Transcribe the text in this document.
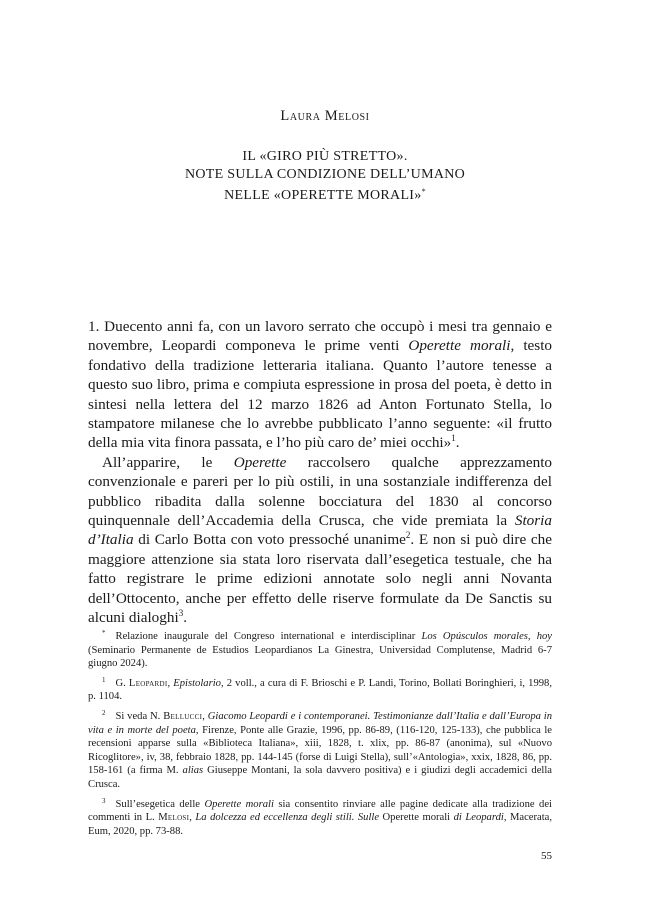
Laura Melosi
IL «GIRO PIÙ STRETTO».
NOTE SULLA CONDIZIONE DELL’UMANO
NELLE «OPERETTE MORALI»*

1. Duecento anni fa, con un lavoro serrato che occupò i mesi tra gennaio e novembre, Leopardi componeva le prime venti Operette morali, testo fondativo della tradizione letteraria italiana. Quanto l’autore tenesse a questo suo libro, prima e compiuta espressione in prosa del poeta, è detto in sintesi nella lettera del 12 marzo 1826 ad Anton Fortunato Stella, lo stampatore milanese che lo avrebbe pubblicato l’anno seguente: «il frutto della mia vita finora passata, e l’ho più caro de’ miei occhi»$^1$.

All’apparire, le Operette raccolsero qualche apprezzamento convenzionale e pareri per lo più ostili, in una sostanziale indifferenza del pubblico ribadita dalla solenne bocciatura del 1830 al concorso quinquennale dell’Accademia della Crusca, che vide premiata la Storia d’Italia di Carlo Botta con voto pressoché unanime$^2$. E non si può dire che maggiore attenzione sia stata loro riservata dall’esegetica testuale, che ha fatto registrare le prime edizioni annotate solo negli anni Novanta dell’Ottocento, anche per effetto delle riserve formulate da De Sanctis su alcuni dialoghi$^3$.

* Relazione inaugurale del Congreso international e interdisciplinar Los Opúsculos morales, hoy (Seminario Permanente de Estudios Leopardianos La Ginestra, Universidad Complutense, Madrid 6-7 giugno 2024).

$^1$ G. Leopardi, Epistolario, 2 voll., a cura di F. Brioschi e P. Landi, Torino, Bollati Boringhieri, i, 1998, p. 1104.

$^2$ Si veda N. Bellucci, Giacomo Leopardi e i contemporanei. Testimonianze dall’Italia e dall’Europa in vita e in morte del poeta, Firenze, Ponte alle Grazie, 1996, pp. 86-89, (116-120, 125-133), che pubblica le recensioni apparse sulla «Biblioteca Italiana», xiii, 1828, t. xlix, pp. 86-87 (anonima), sul «Nuovo Ricoglitore», iv, 38, febbraio 1828, pp. 144-145 (forse di Luigi Stella), sull’«Antologia», xxix, 1828, 86, pp. 158-161 (a firma M. alias Giuseppe Montani, la sola davvero positiva) e i giudizi degli accademici della Crusca.

$^3$ Sull’esegetica delle Operette morali sia consentito rinviare alle pagine dedicate alla tradizione dei commenti in L. Melosi, La dolcezza ed eccellenza degli stili. Sulle Operette morali di Leopardi, Macerata, Eum, 2020, pp. 73-88.

55
